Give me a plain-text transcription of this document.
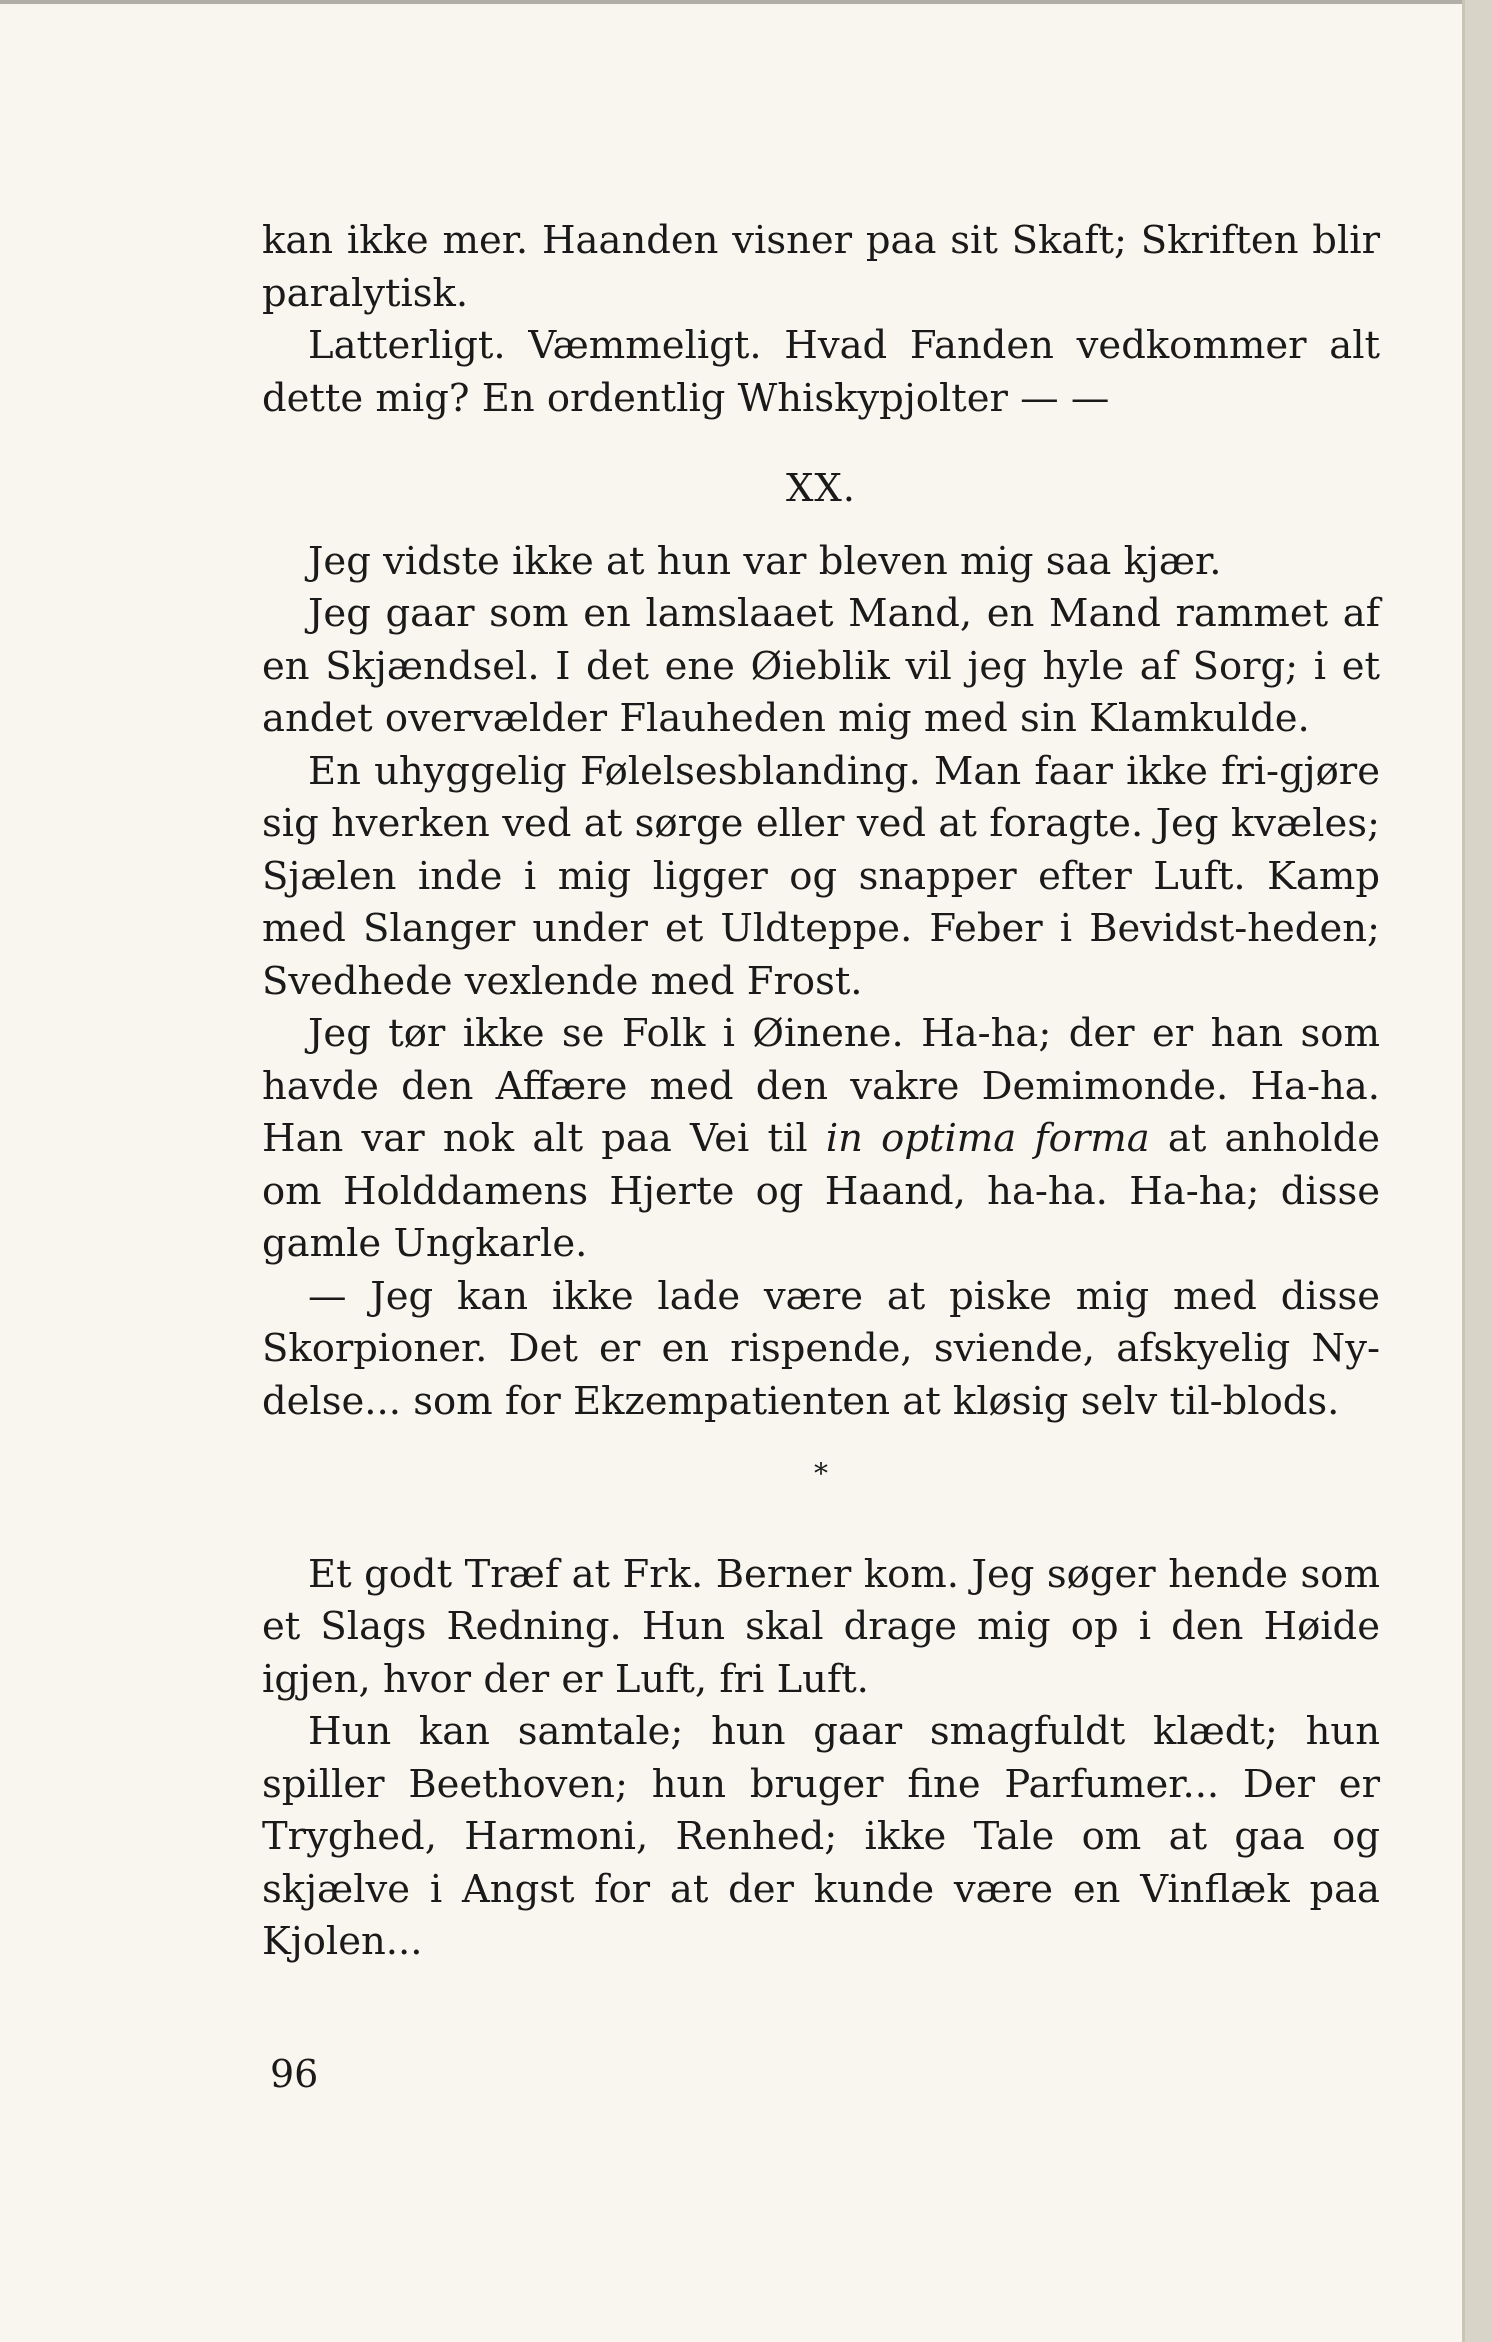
kan ikke mer. Haanden visner paa sit Skaft; Skriften blir paralytisk.

Latterligt. Væmmeligt. Hvad Fanden vedkommer alt dette mig? En ordentlig Whiskypjolter — —

XX.

Jeg vidste ikke at hun var bleven mig saa kjær.

Jeg gaar som en lamslaaet Mand, en Mand rammet af en Skjændsel. I det ene Øieblik vil jeg hyle af Sorg; i et andet overvælder Flauheden mig med sin Klamkulde.

En uhyggelig Følelsesblanding. Man faar ikke fri-gjøre sig hverken ved at sørge eller ved at foragte. Jeg kvæles; Sjælen inde i mig ligger og snapper efter Luft. Kamp med Slanger under et Uldteppe. Feber i Bevidst-heden; Svedhede vexlende med Frost.

Jeg tør ikke se Folk i Øinene. Ha-ha; der er han som havde den Affære med den vakre Demimonde. Ha-ha. Han var nok alt paa Vei til in optima forma at anholde om Holddamens Hjerte og Haand, ha-ha. Ha-ha; disse gamle Ungkarle.

— Jeg kan ikke lade være at piske mig med disse Skorpioner. Det er en rispende, sviende, afskyelig Ny-delse... som for Ekzempatienten at kløsig selv til-blods.

*

Et godt Træf at Frk. Berner kom. Jeg søger hende som et Slags Redning. Hun skal drage mig op i den Høide igjen, hvor der er Luft, fri Luft.

Hun kan samtale; hun gaar smagfuldt klædt; hun spiller Beethoven; hun bruger fine Parfumer... Der er Tryghed, Harmoni, Renhed; ikke Tale om at gaa og skjælve i Angst for at der kunde være en Vinflæk paa Kjolen...

96
